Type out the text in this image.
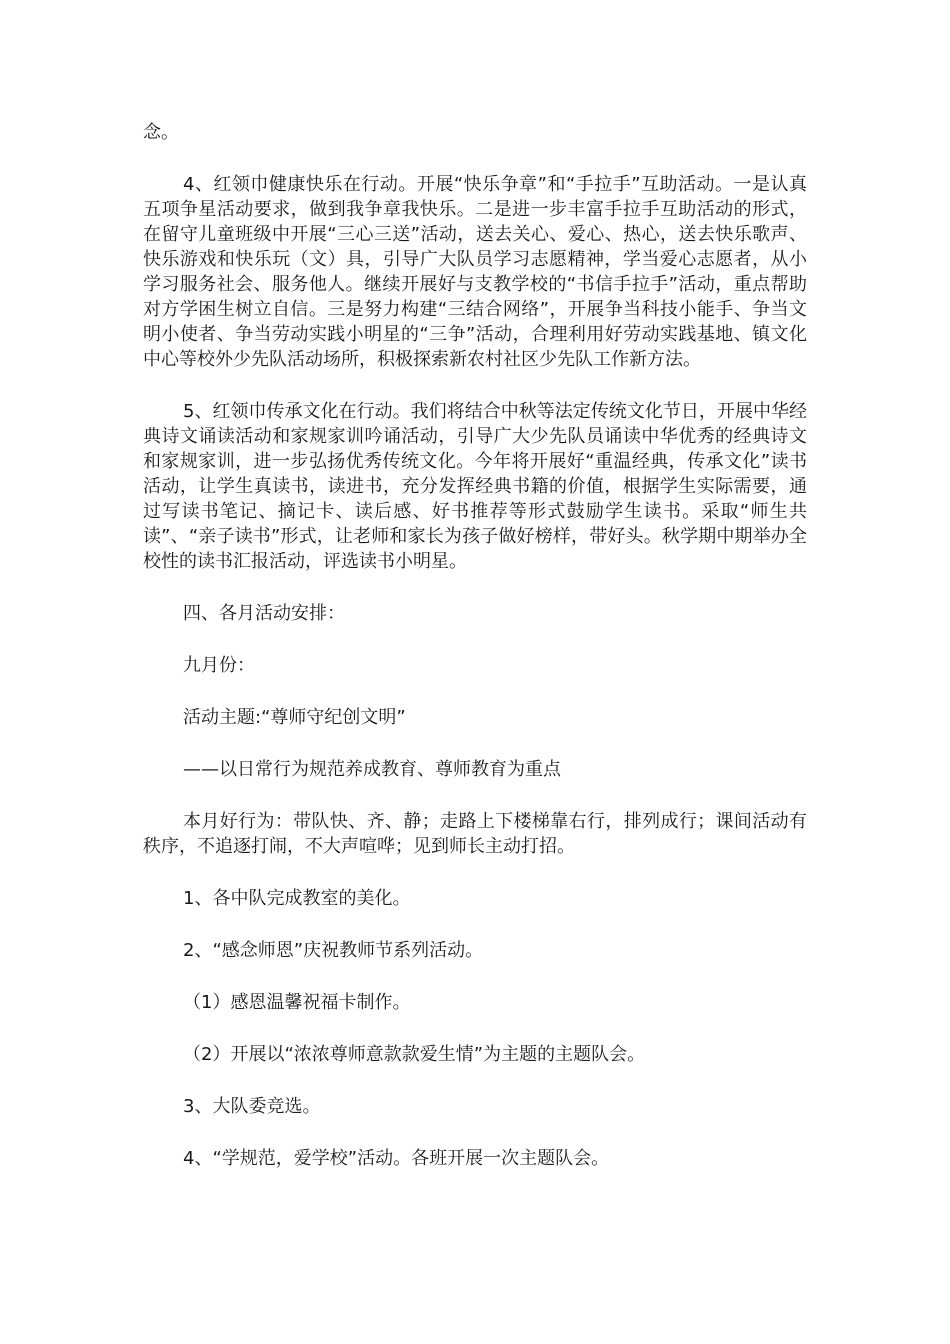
念。

4、红领巾健康快乐在行动。开展“快乐争章”和“手拉手”互助活动。一是认真五项争星活动要求，做到我争章我快乐。二是进一步丰富手拉手互助活动的形式，在留守儿童班级中开展“三心三送”活动，送去关心、爱心、热心，送去快乐歌声、快乐游戏和快乐玩（文）具，引导广大队员学习志愿精神，学当爱心志愿者，从小学习服务社会、服务他人。继续开展好与支教学校的“书信手拉手”活动，重点帮助对方学困生树立自信。三是努力构建“三结合网络”，开展争当科技小能手、争当文明小使者、争当劳动实践小明星的“三争”活动，合理利用好劳动实践基地、镇文化中心等校外少先队活动场所，积极探索新农村社区少先队工作新方法。

5、红领巾传承文化在行动。我们将结合中秋等法定传统文化节日，开展中华经典诗文诵读活动和家规家训吟诵活动，引导广大少先队员诵读中华优秀的经典诗文和家规家训，进一步弘扬优秀传统文化。今年将开展好“重温经典，传承文化”读书活动，让学生真读书，读进书，充分发挥经典书籍的价值，根据学生实际需要，通过写读书笔记、摘记卡、读后感、好书推荐等形式鼓励学生读书。采取“师生共读”、“亲子读书”形式，让老师和家长为孩子做好榜样，带好头。秋学期中期举办全校性的读书汇报活动，评选读书小明星。

四、各月活动安排：

九月份：

活动主题:“尊师守纪创文明”

——以日常行为规范养成教育、尊师教育为重点

本月好行为：带队快、齐、静；走路上下楼梯靠右行，排列成行；课间活动有秩序，不追逐打闹，不大声喧哗；见到师长主动打招。

1、各中队完成教室的美化。

2、“感念师恩”庆祝教师节系列活动。

（1）感恩温馨祝福卡制作。

（2）开展以“浓浓尊师意款款爱生情”为主题的主题队会。

3、大队委竞选。

4、“学规范，爱学校”活动。各班开展一次主题队会。
